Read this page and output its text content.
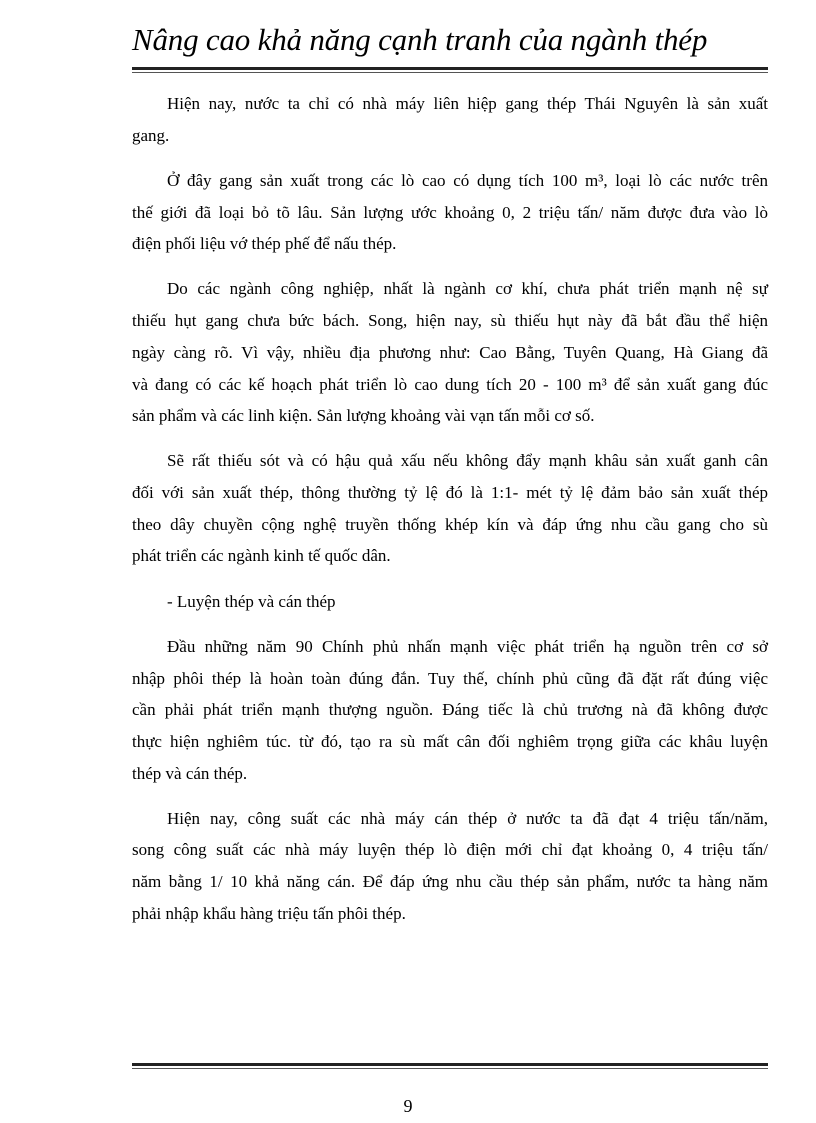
Nâng cao khả năng cạnh tranh của ngành thép
Hiện nay, nước ta chỉ có nhà máy liên hiệp gang thép Thái Nguyên là sản xuất
gang.
Ở đây gang sản xuất trong các lò cao có dụng tích 100 m³, loại lò các nước trên
thế giới đã loại bỏ tõ lâu. Sản lượng ước khoảng 0, 2 triệu tấn/ năm được đưa vào lò
điện phối liệu vớ thép phế để nấu thép.
Do các ngành công nghiệp, nhất là ngành cơ khí, chưa phát triển mạnh nệ sự
thiếu hụt gang chưa bức bách. Song, hiện nay, sù thiếu hụt này đã bắt đầu thể hiện
ngày càng rõ. Vì vậy, nhiều địa phương như: Cao Bằng, Tuyên Quang, Hà Giang đã
và đang có các kế hoạch phát triển lò cao dung tích 20 - 100 m³ để sản xuất gang đúc
sản phẩm và các linh kiện. Sản lượng khoảng vài vạn tấn mỗi cơ số.
Sẽ rất thiếu sót và có hậu quả xấu nếu không đẩy mạnh khâu sản xuất ganh cân
đối với sản xuất thép, thông thường tỷ lệ đó là 1:1- mét tỷ lệ đảm bảo sản xuất thép
theo dây chuyền cộng nghệ truyền thống khép kín và đáp ứng nhu cầu gang cho sù
phát triển các ngành kinh tế quốc dân.
- Luyện thép và cán thép
Đầu những năm 90 Chính phủ nhấn mạnh việc phát triển hạ nguồn trên cơ sở
nhập phôi thép là hoàn toàn đúng đắn. Tuy thế, chính phủ cũng đã đặt rất đúng việc
cần phải phát triển mạnh thượng nguồn. Đáng tiếc là chủ trương nà đã không được
thực hiện nghiêm túc. từ đó, tạo ra sù mất cân đối nghiêm trọng giữa các khâu luyện
thép và cán thép.
Hiện nay, công suất các nhà máy cán thép ở nước ta đã đạt 4 triệu tấn/năm,
song công suất các nhà máy luyện thép lò điện mới chỉ đạt khoảng 0, 4 triệu tấn/
năm bằng 1/ 10 khả năng cán. Để đáp ứng nhu cầu thép sản phẩm, nước ta hàng năm
phải nhập khẩu hàng triệu tấn phôi thép.
9
